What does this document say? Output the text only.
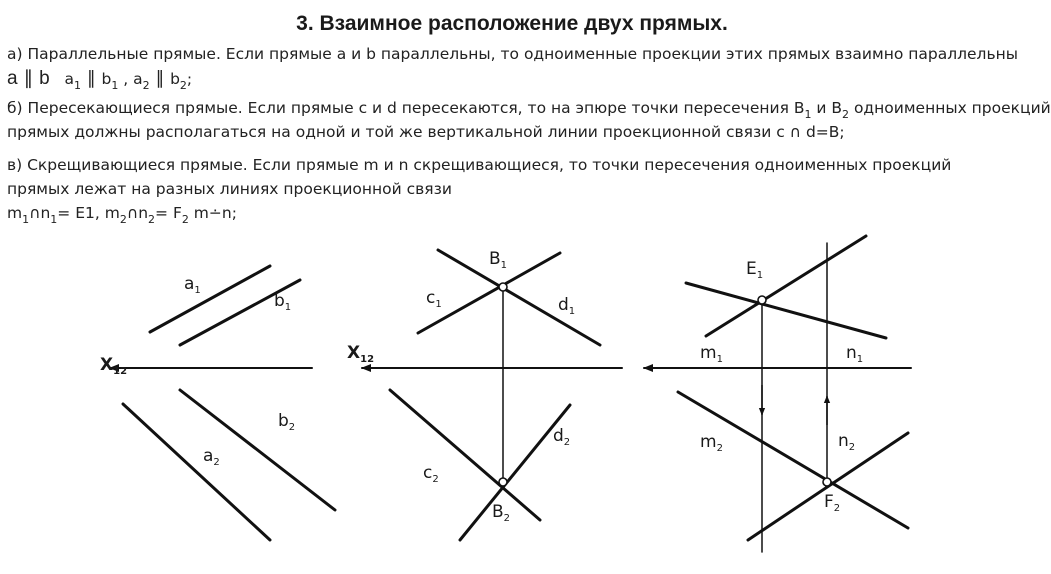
3. Взаимное расположение двух прямых.
а) Параллельные прямые. Если прямые a и b параллельны, то одноименные проекции этих прямых взаимно параллельны
a ∥ b $a_1$ ∥ $b_1$ , $a_2$ ∥ $b_2$;
б) Пересекающиеся прямые. Если прямые с и d пересекаются, то на эпюре точки пересечения $B_1$ и $B_2$ одноименных проекций
прямых должны располагаться на одной и той же вертикальной линии проекционной связи c ∩ d=B;
в) Скрещивающиеся прямые. Если прямые m и n скрещивающиеся, то точки пересечения одноименных проекций
прямых лежат на разных линиях проекционной связи
$m_1\cap n_1= E1$, $m_2\cap n_2= F_2$ m∸n;
$a_1$
$b_1$
$b_2$
$a_2$
$X_{12}$
$B_1$
$c_1$	$d_1$
$X_{12}$
$d_2$
$c_2$
$B_2$
$E_1$
$m_1$	$n_1$
$m_2$	$n_2$
$F_2$
